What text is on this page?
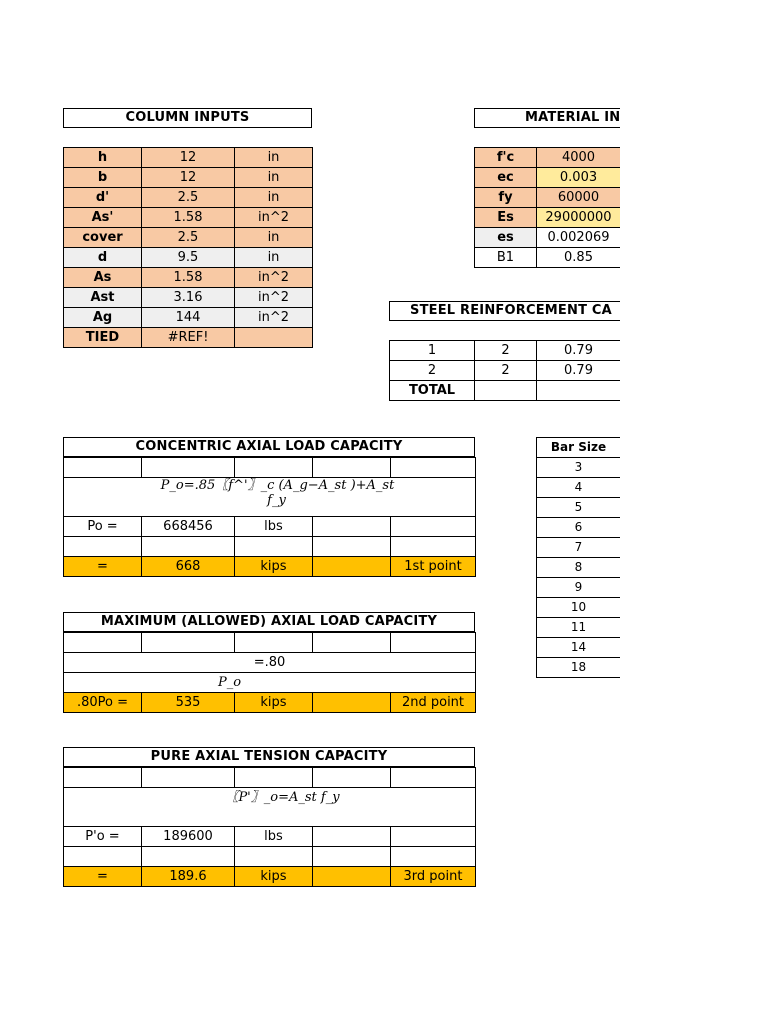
COLUMN INPUTS
h	12	in
b	12	in
d'	2.5	in
As'	1.58	in^2
cover	2.5	in
d	9.5	in
As	1.58	in^2
Ast	3.16	in^2
Ag	144	in^2
TIED	#REF!	
MATERIAL IN
f'c	4000
ec	0.003
fy	60000
Es	29000000
es	0.002069
B1	0.85
STEEL REINFORCEMENT CA
1	2	0.79
2	2	0.79
TOTAL		
Bar Size
3
4
5
6
7
8
9
10
11
14
18
CONCENTRIC AXIAL LOAD CAPACITY

P_o=.85〖f^'〗_c (A_g−A_st )+A_st
f_y				

Po =	668456	lbs		

=	668	kips		1st point
MAXIMUM (ALLOWED) AXIAL LOAD CAPACITY

=.80				
P_o				
.80Po =	535	kips		2nd point
PURE AXIAL TENSION CAPACITY

〖P'〗_o=A_st f_y				
P'o =	189600	lbs		

=	189.6	kips		3rd point
